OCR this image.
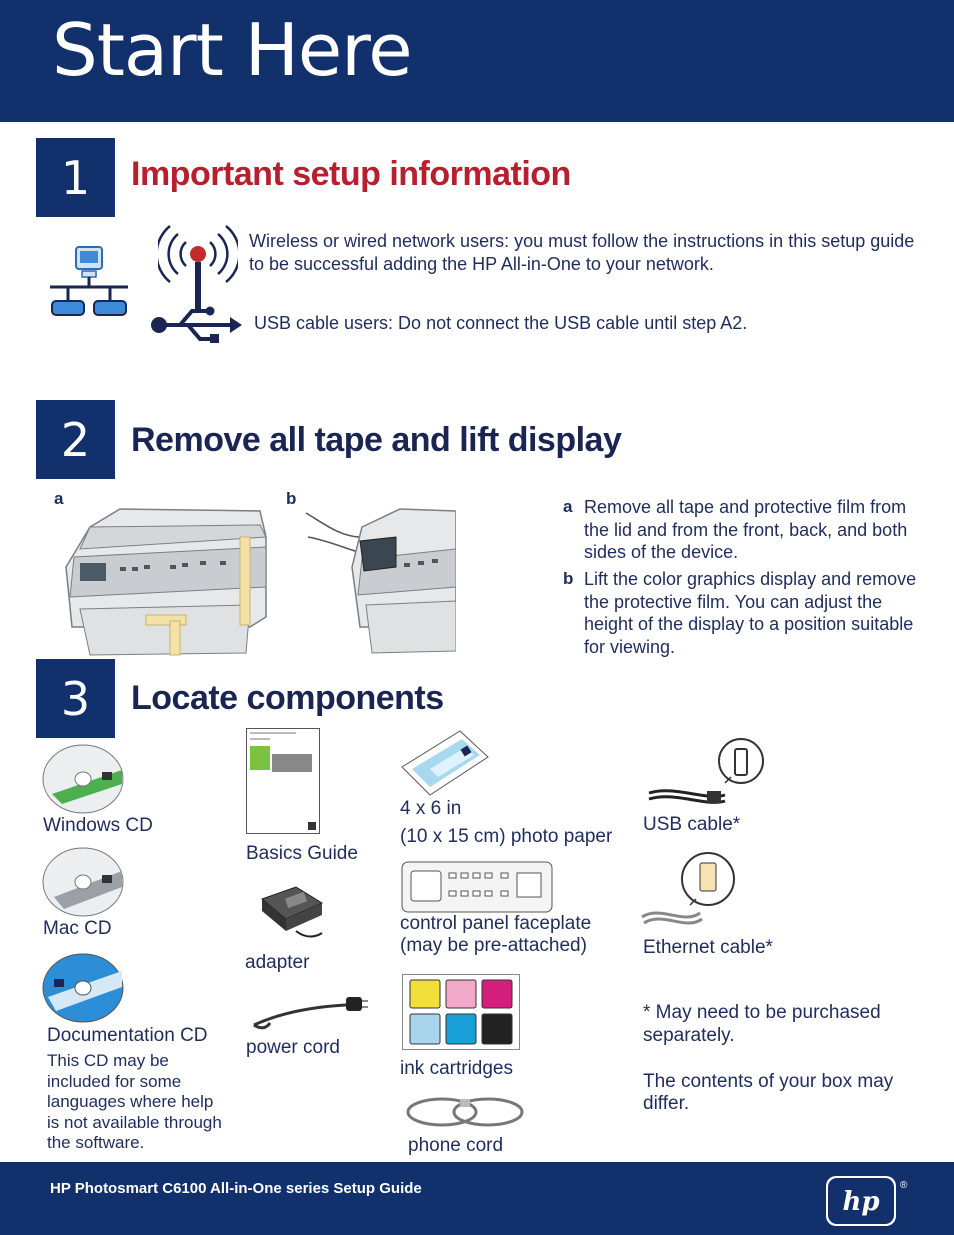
Start Here
1	Important setup information
Wireless or wired network users: you must follow the instructions in this setup guide to be successful adding the HP All-in-One to your network.
USB cable users: Do not connect the USB cable until step A2.
2	Remove all tape and lift display
a	b	a Remove all tape and protective film from the lid and from the front, back, and both sides of the device.
b Lift the color graphics display and remove the protective film. You can adjust the height of the display to a position suitable for viewing.
3	Locate components
Windows CD
Mac CD
Documentation CD
This CD may be included for some languages where help is not available through the software.
Basics Guide
adapter
power cord
4 x 6 in
(10 x 15 cm) photo paper
control panel faceplate
(may be pre-attached)
ink cartridges
phone cord
USB cable*
Ethernet cable*
* May need to be purchased separately.
The contents of your box may differ.
HP Photosmart C6100 All-in-One series Setup Guide	hp
®
